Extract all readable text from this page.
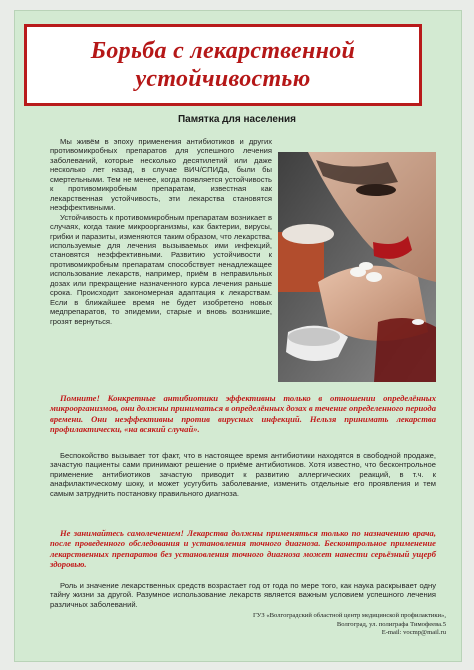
Борьба с лекарственной
устойчивостью
Памятка для населения

Мы живём в эпоху применения антибиотиков и других противомикробных препаратов для успешного лечения заболеваний, которые несколько десятилетий или даже несколько лет назад, в случае ВИЧ/СПИДа, были бы смертельными. Тем не менее, когда появляется устойчивость к противомикробным препаратам, известная как лекарственная устойчивость, эти лекарства становятся неэффективными.

Устойчивость к противомикробным препаратам возникает в случаях, когда такие микроорганизмы, как бактерии, вирусы, грибки и паразиты, изменяются таким образом, что лекарства, используемые для лечения вызываемых ими инфекций, становятся неэффективными. Развитию устойчивости к противомикробным препаратам способствует ненадлежащее использование лекарств, например, приём в неправильных дозах или прекращение назначенного курса лечения раньше срока. Происходит закономерная адаптация к лекарствам. Если в ближайшее время не будет изобретено новых медпрепаратов, то эпидемии, старые и вновь возникшие, грозят вернуться.

Помните! Конкретные антибиотики эффективны только в отношении определённых микроорганизмов, они должны приниматься в определённых дозах в течение определенного периода времени. Они неэффективны против вирусных инфекций. Нельзя принимать лекарства профилактически, «на всякий случай».

Беспокойство вызывает тот факт, что в настоящее время антибиотики находятся в свободной продаже, зачастую пациенты сами принимают решение о приёме антибиотиков. Хотя известно, что бесконтрольное применение антибиотиков зачастую приводит к развитию аллергических реакций, в т.ч. к анафилактическому шоку, и может усугубить заболевание, изменить отдельные его проявления и тем самым затруднить постановку правильного диагноза.

Не занимайтесь самолечением! Лекарства должны применяться только по назначению врача, после проведенного обследования и установления точного диагноза. Бесконтрольное применение лекарственных препаратов без установления точного диагноза может нанести серьёзный ущерб здоровью.

Роль и значение лекарственных средств возрастает год от года по мере того, как наука раскрывает одну тайну жизни за другой. Разумное использование лекарств является важным условием успешного лечения различных заболеваний.

ГУЗ «Волгоградский областной центр медицинской профилактики»,
Волгоград, ул. полиграфа Тимофеева.5
E-mail: vocmp@mail.ru
